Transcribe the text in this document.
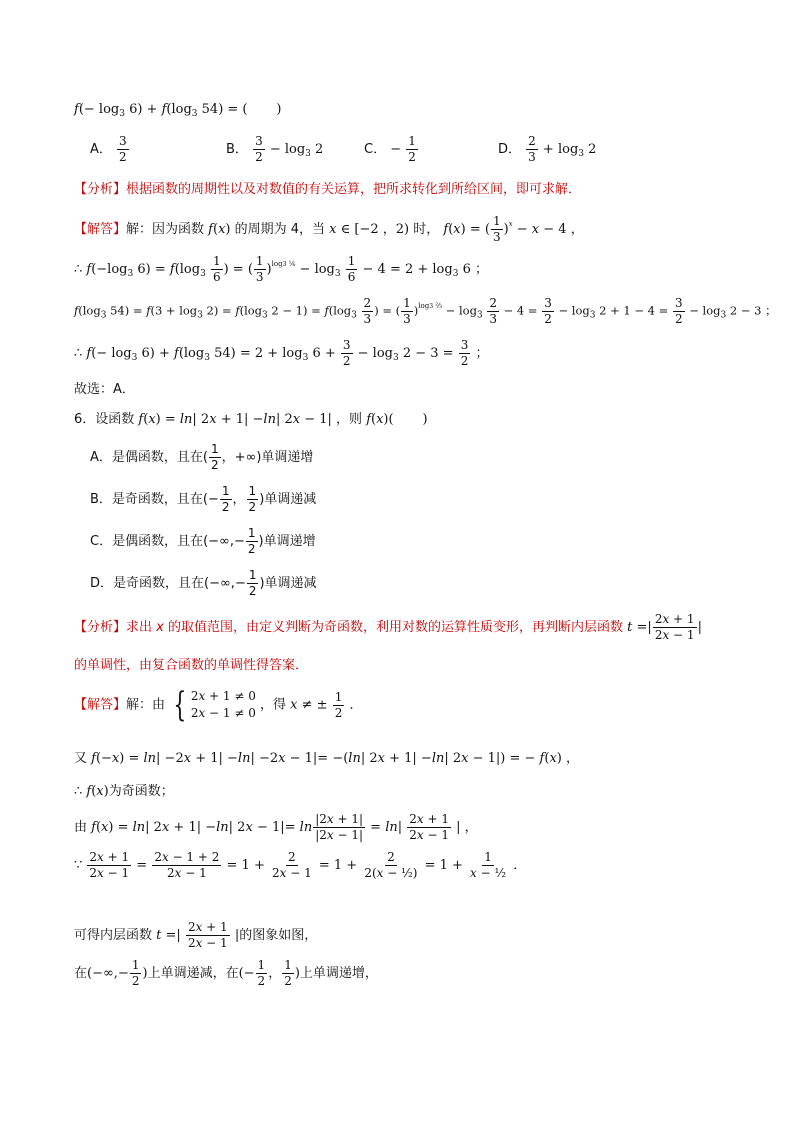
$f(- \log_3 6) + f(\log_3$ 54) = (       )
A． $\frac{3}{2}$	B． $\frac{3}{2} - \log_3 2$	C． − $\frac{1}{2}$	D． $\frac{2}{3} + \log_3 2$
【分析】根据函数的周期性以及对数值的有关运算，把所求转化到所给区间，即可求解．
【解答】解：因为函数 f(x) 的周期为 4，当 x ∈ [−2 ，2) 时， f(x) = ( $\frac{1}{3} )^x - x - 4$ ，
∴ $f(-\log_3$ $6) = f(\log_3 \frac{1}{6}$ ) = ( $\frac{1}{3} )^{log3 \frac{1}{6}} - \log_3 \frac{1}{6} - 4 = 2 + \log_3 6$ ；
$f(\log_3$ $54) = f(3 + \log_3 2) = f(\log_3$ $2 - 1) = f(\log_3 \frac{2}{3}$ ) = ( $\frac{1}{3} )^{log3 \frac{2}{3}} - \log_3 \frac{2}{3} - 4 = \frac{3}{2} - \log_3 2 + 1 - 4 = \frac{3}{2} - \log_3 2 - 3$ ；
∴ $f(- \log_3 6) + f(\log_3$ $54) = 2 + \log_3 6 + \frac{3}{2} - \log_3 2 - 3 = \frac{3}{2}$ ；
故选：A．
6．设函数 f(x) = ln| 2x + 1| −ln| 2x − 1| ，则 f(x)(       )
A．是偶函数，且在( $\frac{1}{2}$ ，+∞)单调递增
B．是奇函数，且在(− $\frac{1}{2}$ ， $\frac{1}{2}$ )单调递减
C．是偶函数，且在(−∞,− $\frac{1}{2}$ )单调递增
D．是奇函数，且在(−∞,− $\frac{1}{2}$ )单调递减
【分析】求出 x 的取值范围，由定义判断为奇函数，利用对数的运算性质变形，再判断内层函数 t =| $\frac{2x + 1}{2x - 1}$ |
的单调性，由复合函数的单调性得答案．
【解答】解：由 { 2x + 1 ≠ 0
2x − 1 ≠ 0
，得 x ≠ ± $\frac{1}{2}$ ．
又 f(−x) = ln| −2x + 1| −ln| −2x − 1|= −(ln| 2x + 1| −ln| 2x − 1|) = − f(x) ，
∴ f(x)为奇函数；
由 f(x) = ln| 2x + 1| −ln| $2x - 1|= \ln \frac{|2x + 1|}{|2x - 1|} = \ln| \frac{2x + 1}{2x - 1}$ | ，
∵ $\frac{2x + 1}{2x - 1} = \frac{2x - 1 + 2}{2x - 1} = 1 + \frac{2}{2x - 1} = 1 + \frac{2}{\text{2(x − ½)}} = 1 + \frac{1}{\text{x − ½}}$ ．
可得内层函数 t =| $\frac{2x + 1}{2x - 1}$ |的图象如图，
在(−∞,− $\frac{1}{2}$ )上单调递减，在(− $\frac{1}{2}$ ， $\frac{1}{2}$ )上单调递增，
